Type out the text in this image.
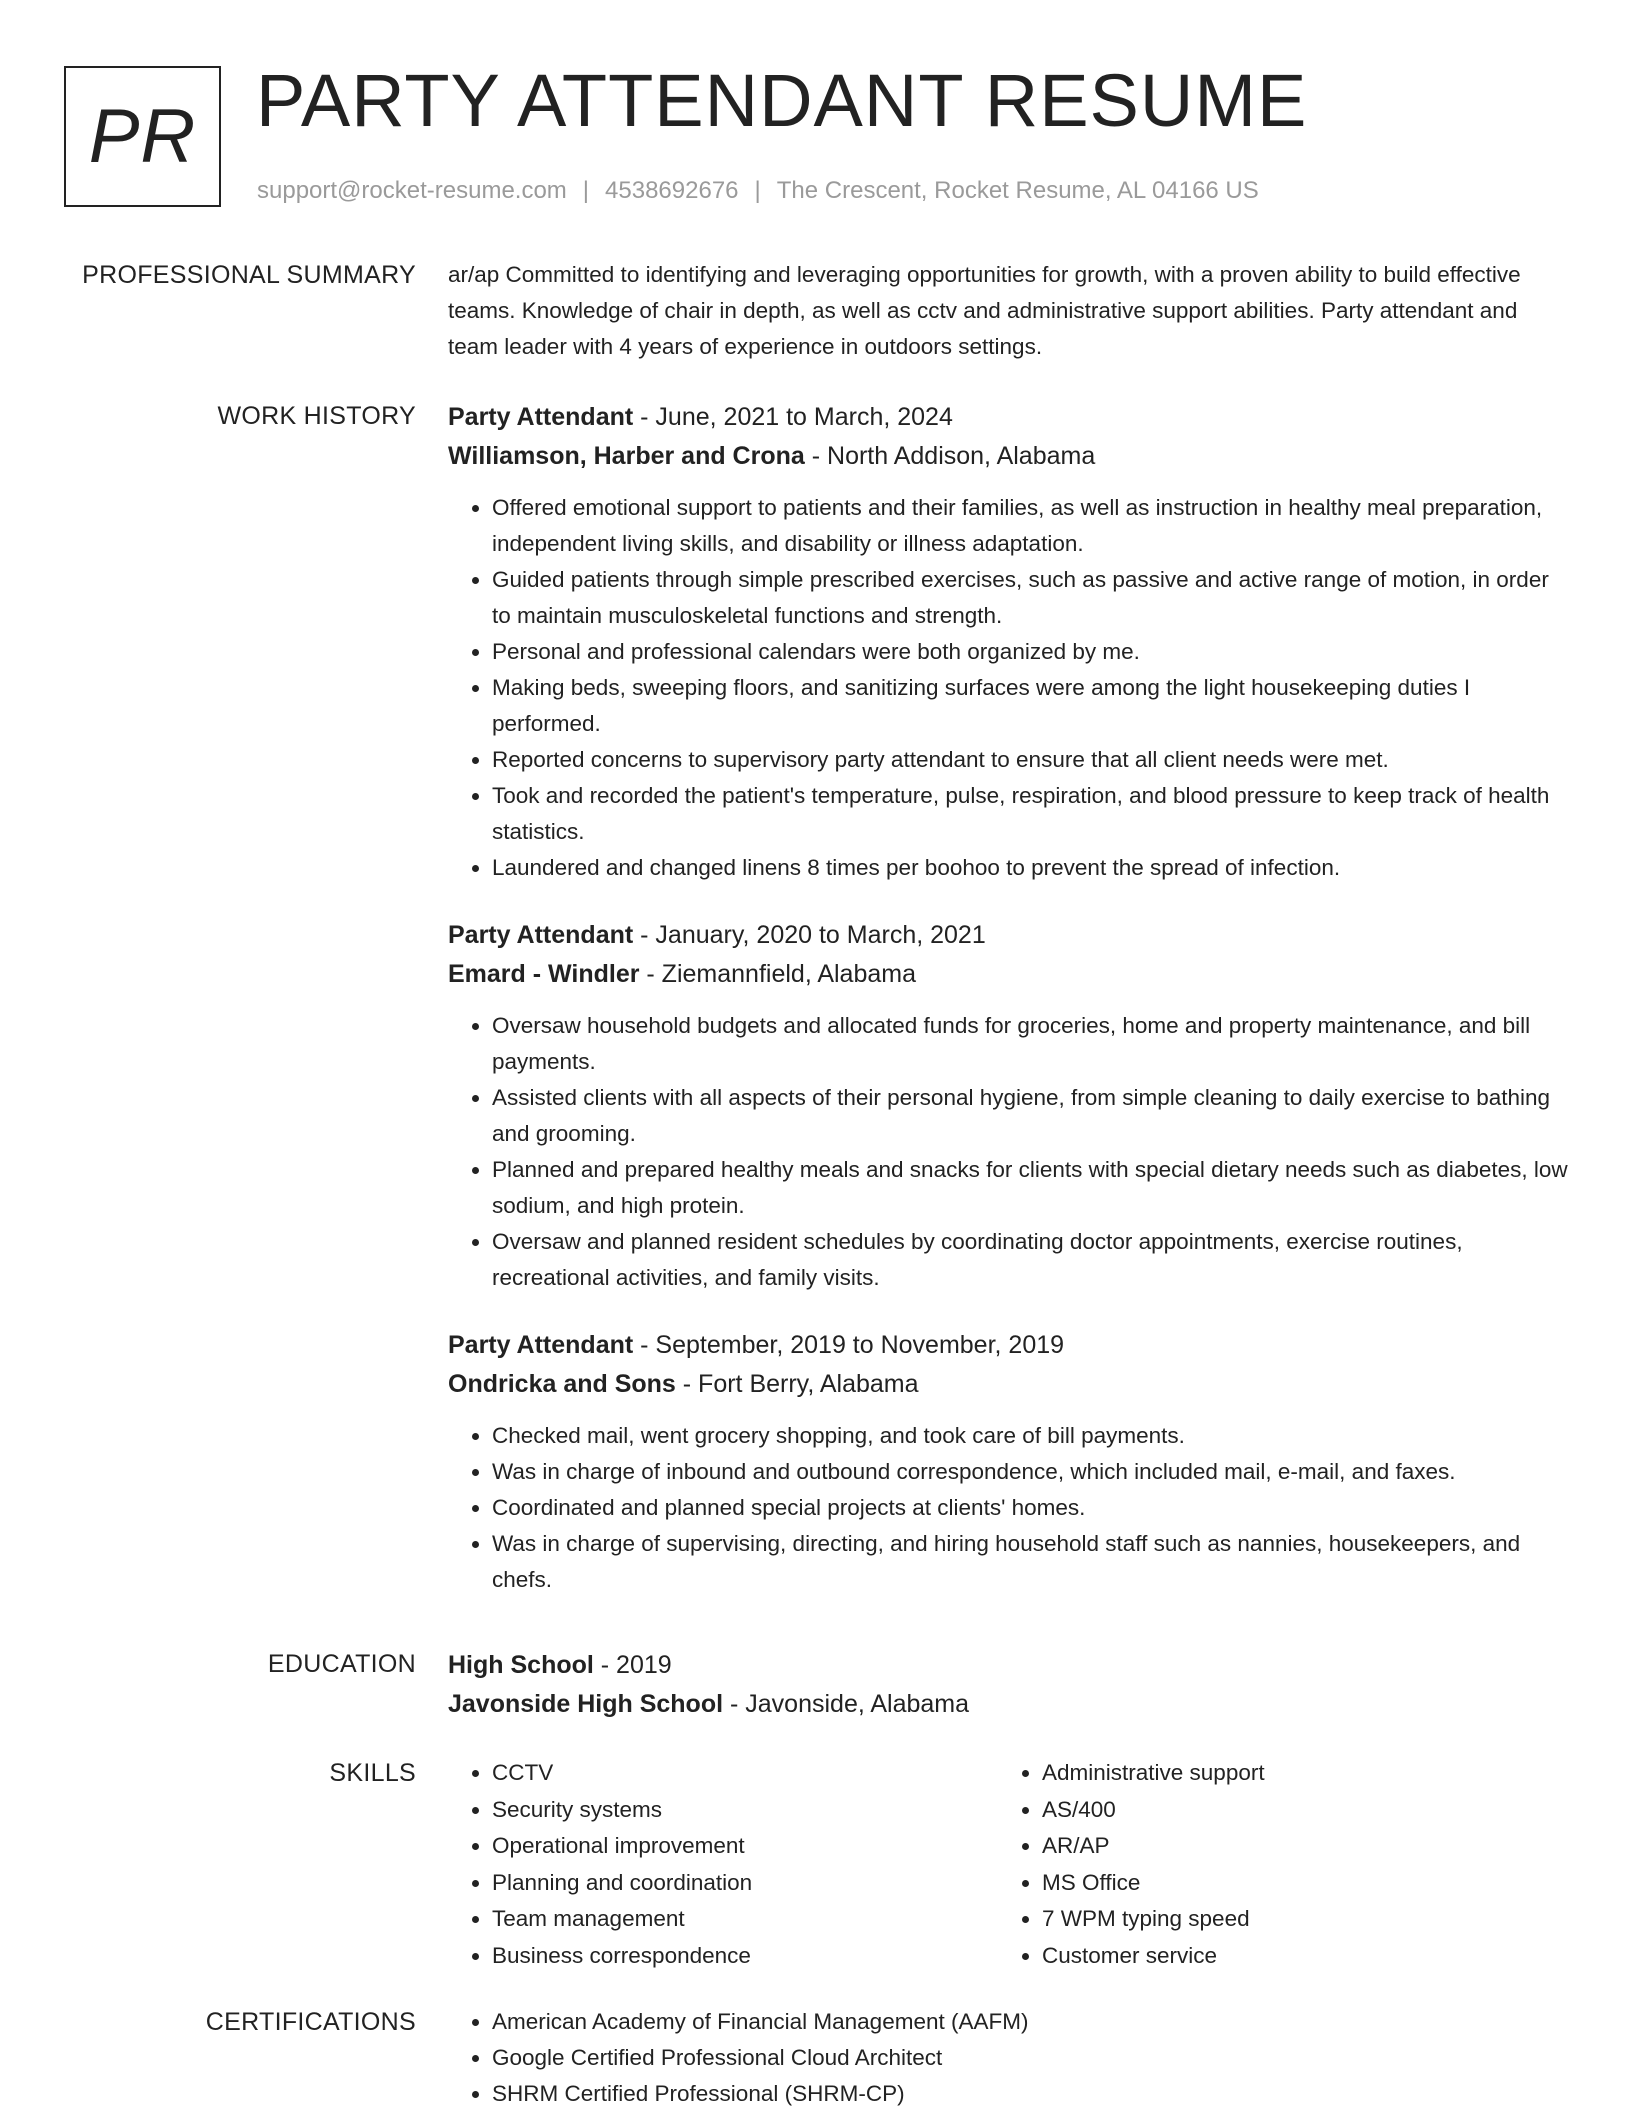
PR PARTY ATTENDANT RESUME
support@rocket-resume.com | 4538692676 | The Crescent, Rocket Resume, AL 04166 US
PROFESSIONAL SUMMARY ar/ap Committed to identifying and leveraging opportunities for growth, with a proven ability to build effective teams. Knowledge of chair in depth, as well as cctv and administrative support abilities. Party attendant and team leader with 4 years of experience in outdoors settings.

WORK HISTORY Party Attendant - June, 2021 to March, 2024
Williamson, Harber and Crona - North Addison, Alabama
• Offered emotional support to patients and their families, as well as instruction in healthy meal preparation, independent living skills, and disability or illness adaptation.
• Guided patients through simple prescribed exercises, such as passive and active range of motion, in order to maintain musculoskeletal functions and strength.
• Personal and professional calendars were both organized by me.
• Making beds, sweeping floors, and sanitizing surfaces were among the light housekeeping duties I performed.
• Reported concerns to supervisory party attendant to ensure that all client needs were met.
• Took and recorded the patient's temperature, pulse, respiration, and blood pressure to keep track of health statistics.
• Laundered and changed linens 8 times per boohoo to prevent the spread of infection.
Party Attendant - January, 2020 to March, 2021
Emard - Windler - Ziemannfield, Alabama
• Oversaw household budgets and allocated funds for groceries, home and property maintenance, and bill payments.
• Assisted clients with all aspects of their personal hygiene, from simple cleaning to daily exercise to bathing and grooming.
• Planned and prepared healthy meals and snacks for clients with special dietary needs such as diabetes, low sodium, and high protein.
• Oversaw and planned resident schedules by coordinating doctor appointments, exercise routines, recreational activities, and family visits.
Party Attendant - September, 2019 to November, 2019
Ondricka and Sons - Fort Berry, Alabama
• Checked mail, went grocery shopping, and took care of bill payments.
• Was in charge of inbound and outbound correspondence, which included mail, e-mail, and faxes.
• Coordinated and planned special projects at clients' homes.
• Was in charge of supervising, directing, and hiring household staff such as nannies, housekeepers, and chefs.
EDUCATION High School - 2019
Javonside High School - Javonside, Alabama
SKILLS	• CCTV
• Security systems
• Operational improvement
• Planning and coordination
• Team management
• Business correspondence
• Administrative support
• AS/400
• AR/AP
• MS Office
• 7 WPM typing speed
• Customer service
CERTIFICATIONS	• American Academy of Financial Management (AAFM)
• Google Certified Professional Cloud Architect
• SHRM Certified Professional (SHRM-CP)
